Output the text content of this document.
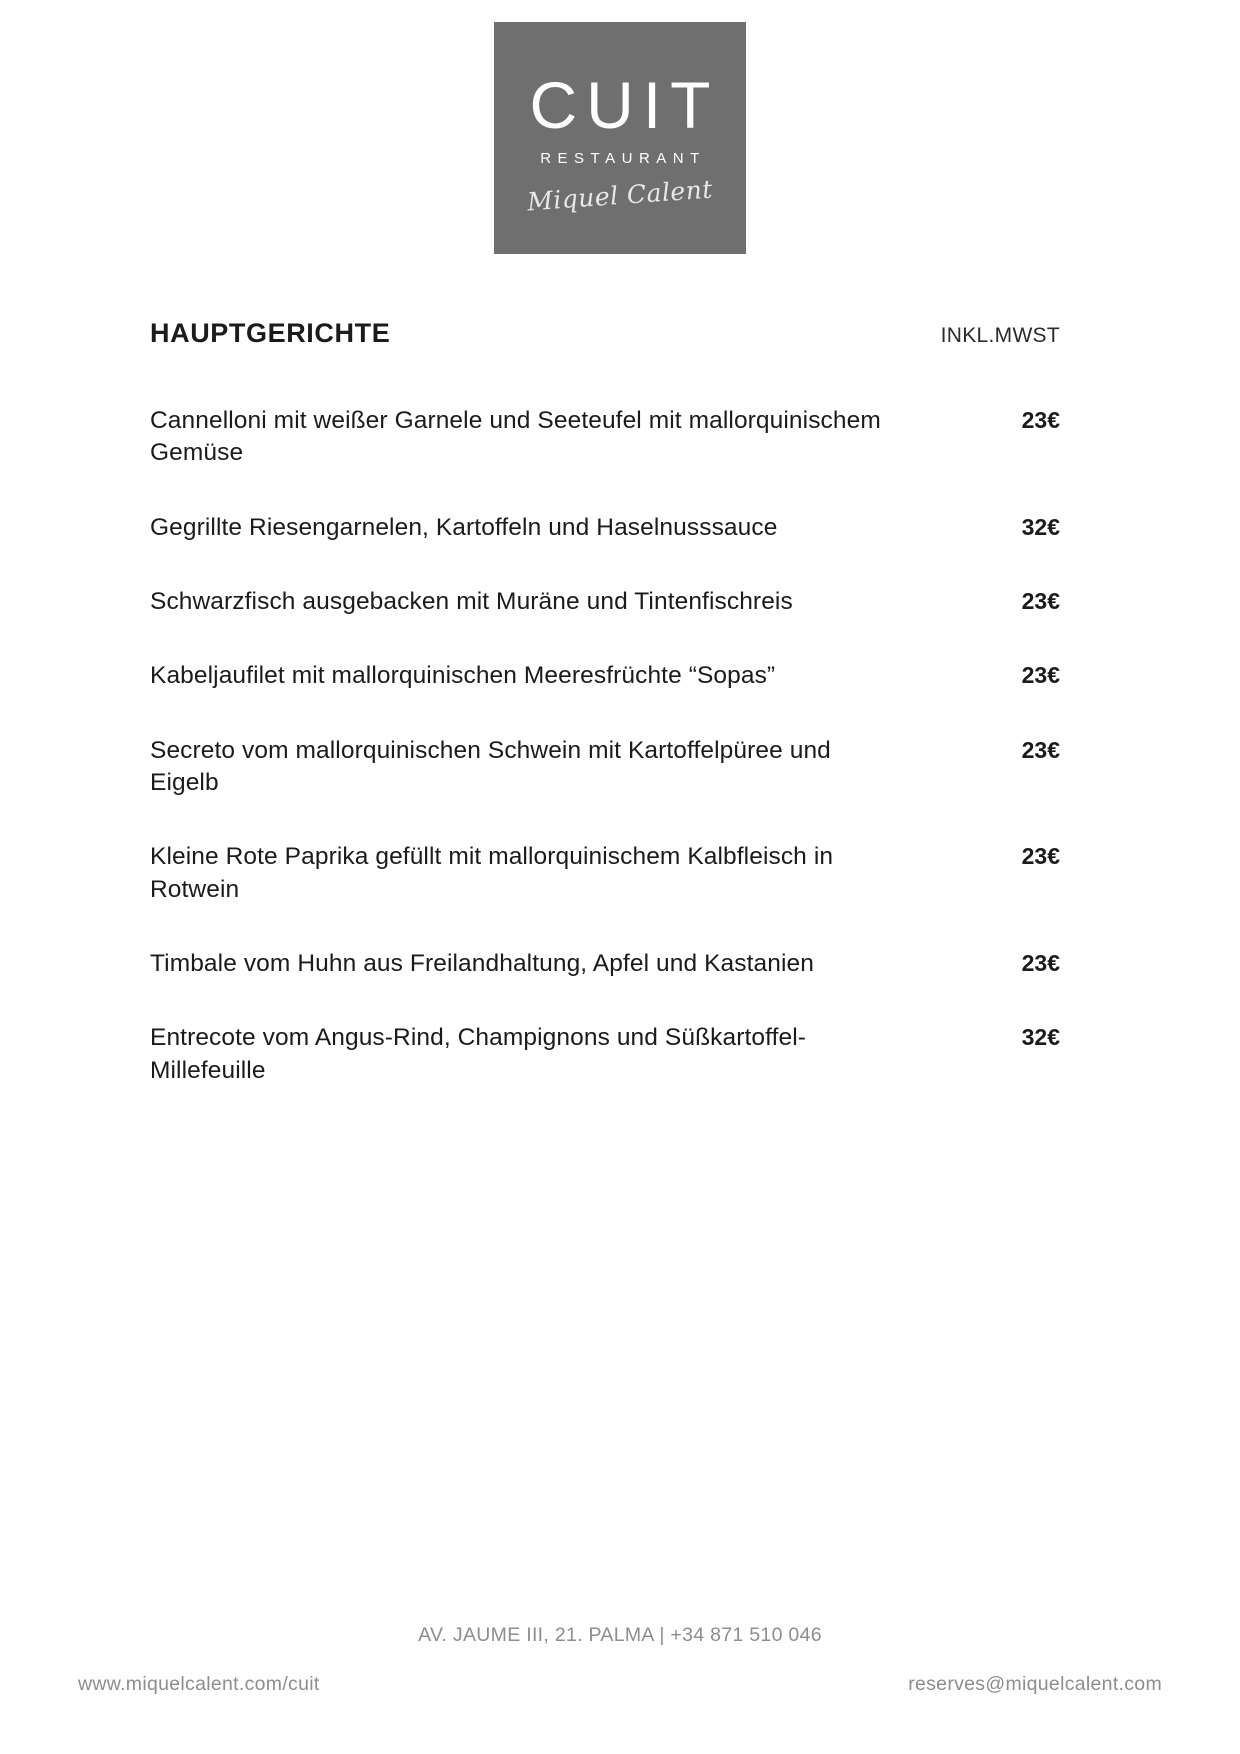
CUIT
RESTAURANT
Miquel Calent
HAUPTGERICHTE	INKL.MWST
Cannelloni mit weißer Garnele und Seeteufel mit mallorquinischem Gemüse
23€
Gegrillte Riesengarnelen, Kartoffeln und Haselnusssauce	32€
Schwarzfisch ausgebacken mit Muräne und Tintenfischreis	23€
Kabeljaufilet mit mallorquinischen Meeresfrüchte “Sopas”	23€
Secreto vom mallorquinischen Schwein mit Kartoffelpüree und Eigelb
23€
Kleine Rote Paprika gefüllt mit mallorquinischem Kalbfleisch in Rotwein
23€
Timbale vom Huhn aus Freilandhaltung, Apfel und Kastanien	23€
Entrecote vom Angus-Rind, Champignons und Süßkartoffel-Millefeuille
32€
AV. JAUME III, 21. PALMA | +34 871 510 046
www.miquelcalent.com/cuit	reserves@miquelcalent.com
